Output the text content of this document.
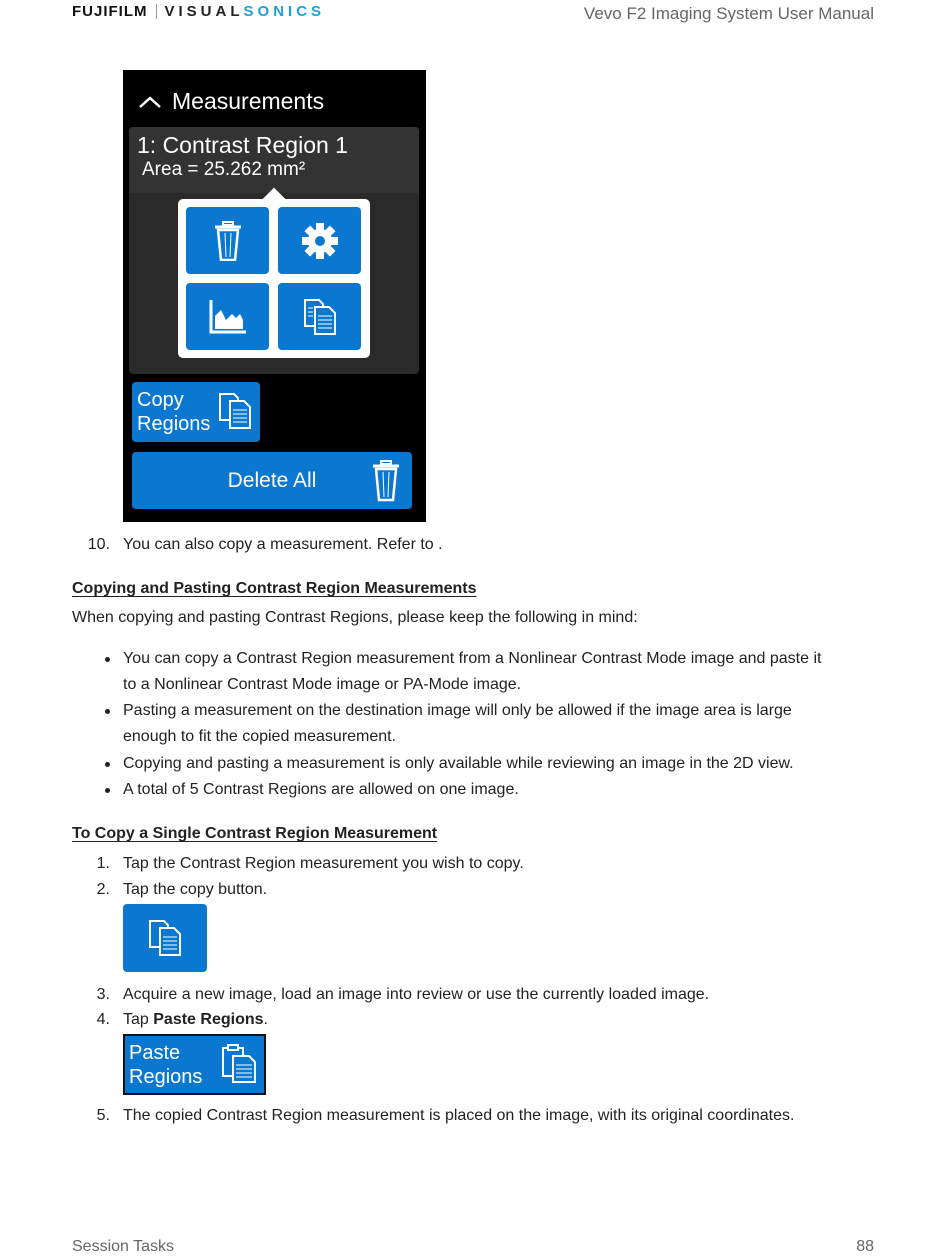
FUJIFILM VISUALSONICS	Vevo F2 Imaging System User Manual
Measurements
1: Contrast Region 1
Area = 25.262 mm²
Copy
Regions
Delete All
10. You can also copy a measurement. Refer to .
Copying and Pasting Contrast Region Measurements
When copying and pasting Contrast Regions, please keep the following in mind:
You can copy a Contrast Region measurement from a Nonlinear Contrast Mode image and paste it
to a Nonlinear Contrast Mode image or PA-Mode image.
Pasting a measurement on the destination image will only be allowed if the image area is large
enough to fit the copied measurement.
Copying and pasting a measurement is only available while reviewing an image in the 2D view.
A total of 5 Contrast Regions are allowed on one image.
To Copy a Single Contrast Region Measurement
1. Tap the Contrast Region measurement you wish to copy.
2. Tap the copy button.
3. Acquire a new image, load an image into review or use the currently loaded image.
4. Tap Paste Regions.
Paste
Regions
5. The copied Contrast Region measurement is placed on the image, with its original coordinates.
Session Tasks	88
